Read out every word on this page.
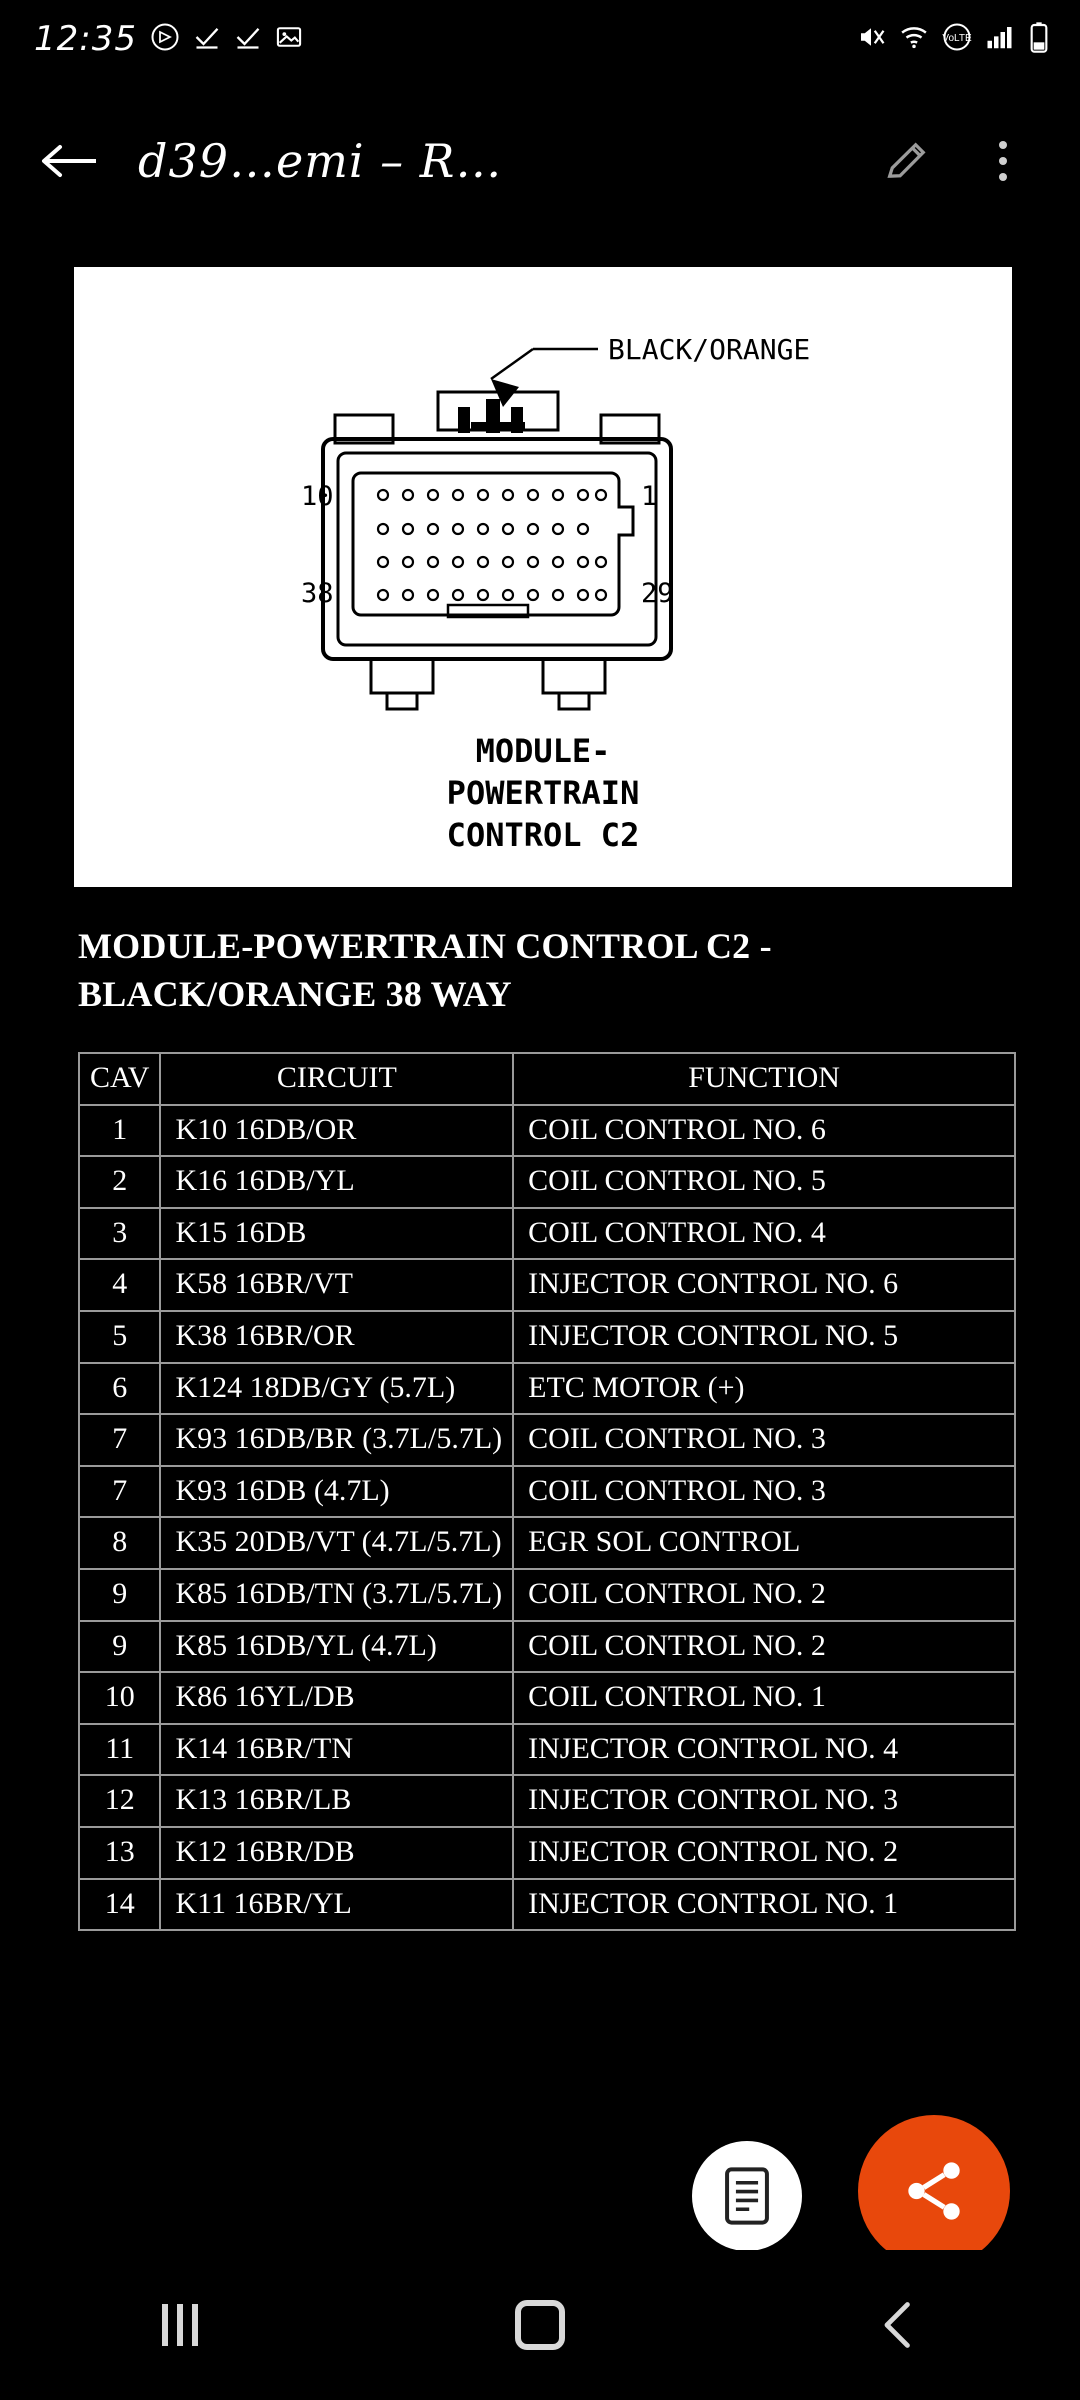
12:35	VoLTE
d39…emi – R…
BLACK/ORANGE
10	1
38	29
MODULE-
POWERTRAIN
CONTROL C2
MODULE-POWERTRAIN CONTROL C2 - BLACK/ORANGE 38 WAY
CAV	CIRCUIT	FUNCTION
1	K10 16DB/OR	COIL CONTROL NO. 6
2	K16 16DB/YL	COIL CONTROL NO. 5
3	K15 16DB	COIL CONTROL NO. 4
4	K58 16BR/VT	INJECTOR CONTROL NO. 6
5	K38 16BR/OR	INJECTOR CONTROL NO. 5
6	K124 18DB/GY (5.7L)	ETC MOTOR (+)
7	K93 16DB/BR (3.7L/5.7L)	COIL CONTROL NO. 3
7	K93 16DB (4.7L)	COIL CONTROL NO. 3
8	K35 20DB/VT (4.7L/5.7L)	EGR SOL CONTROL
9	K85 16DB/TN (3.7L/5.7L)	COIL CONTROL NO. 2
9	K85 16DB/YL (4.7L)	COIL CONTROL NO. 2
10	K86 16YL/DB	COIL CONTROL NO. 1
11	K14 16BR/TN	INJECTOR CONTROL NO. 4
12	K13 16BR/LB	INJECTOR CONTROL NO. 3
13	K12 16BR/DB	INJECTOR CONTROL NO. 2
14	K11 16BR/YL	INJECTOR CONTROL NO. 1
